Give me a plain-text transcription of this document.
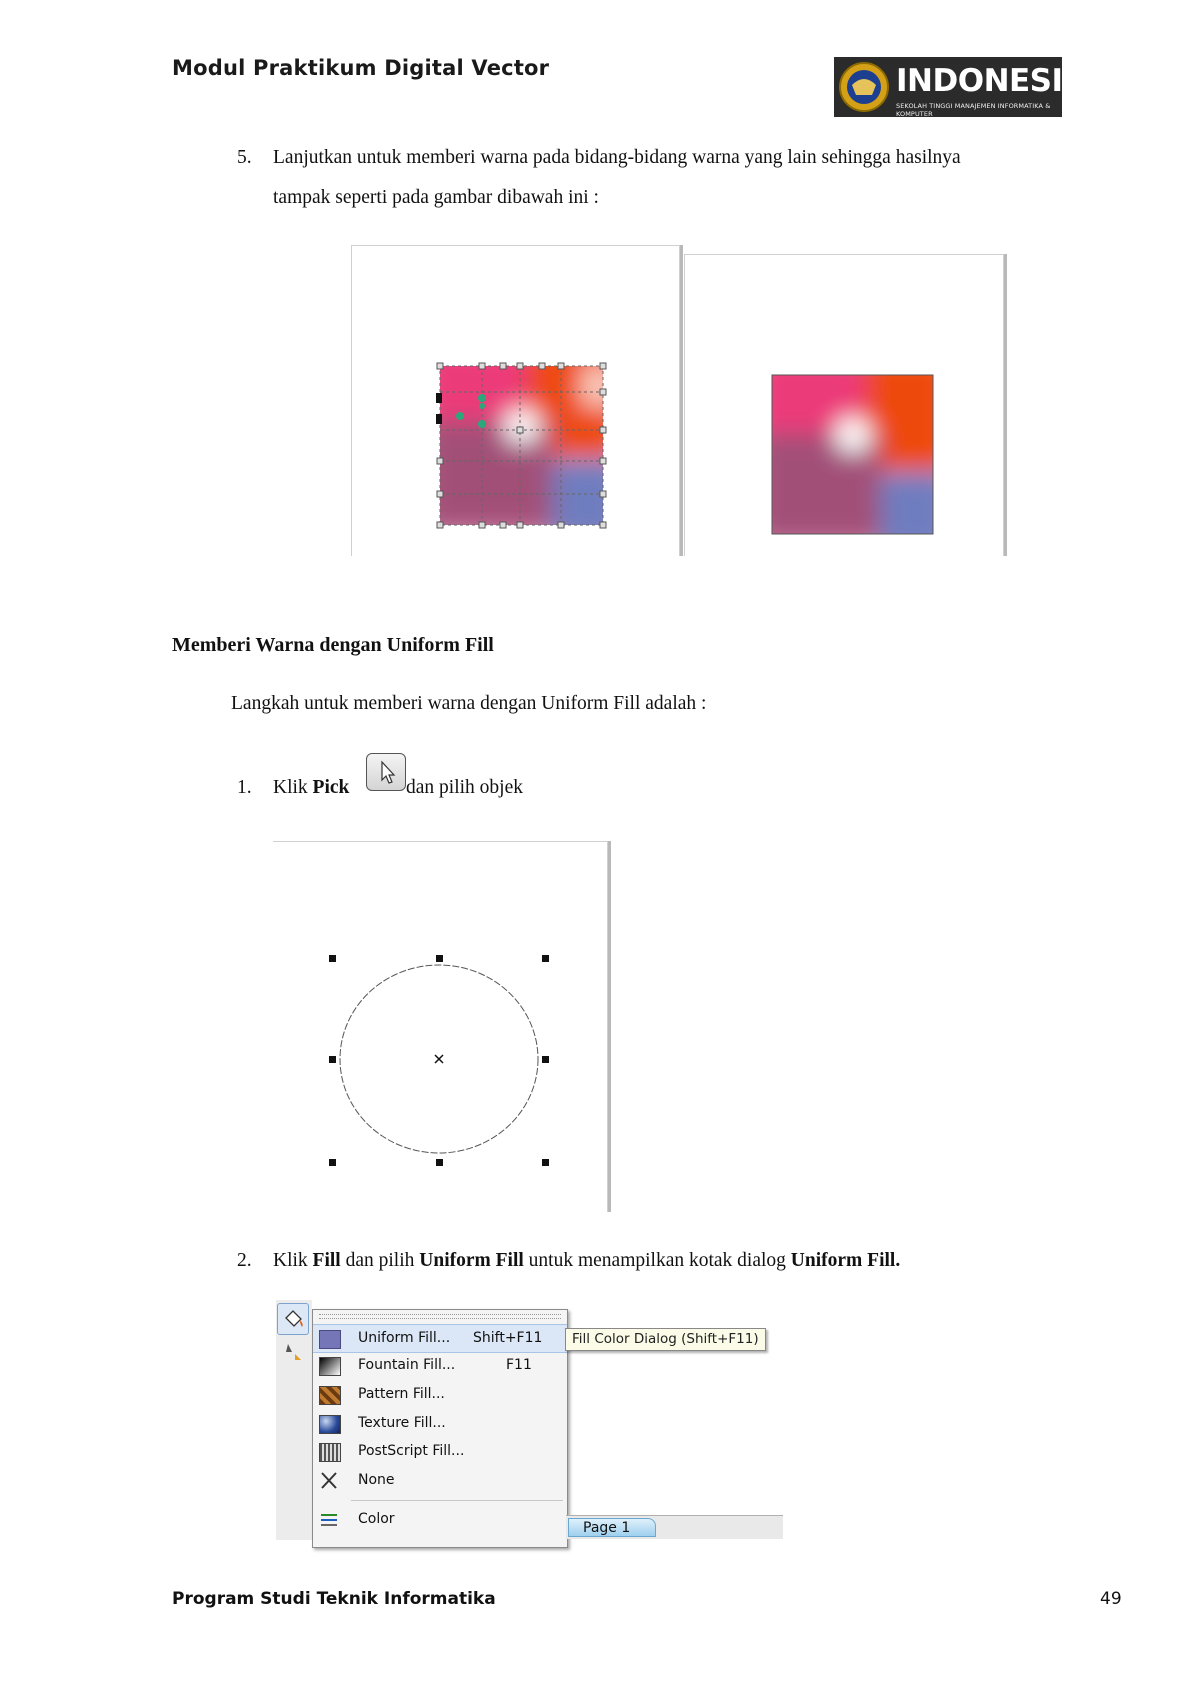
Modul Praktikum Digital Vector	INDONESIA
SEKOLAH TINGGI MANAJEMEN INFORMATIKA & KOMPUTER
5. Lanjutkan untuk memberi warna pada bidang-bidang warna yang lain sehingga hasilnya
tampak seperti pada gambar dibawah ini :
Memberi Warna dengan Uniform Fill
Langkah untuk memberi warna dengan Uniform Fill adalah :
1. Klik Pick	dan pilih objek
2. Klik Fill dan pilih Uniform Fill untuk menampilkan kotak dialog Uniform Fill.
Uniform Fill... Shift+F11
Fountain Fill...	F11
Pattern Fill...
Texture Fill...
PostScript Fill...
None
Color
Fill Color Dialog (Shift+F11)
Page 1
Program Studi Teknik Informatika	49
